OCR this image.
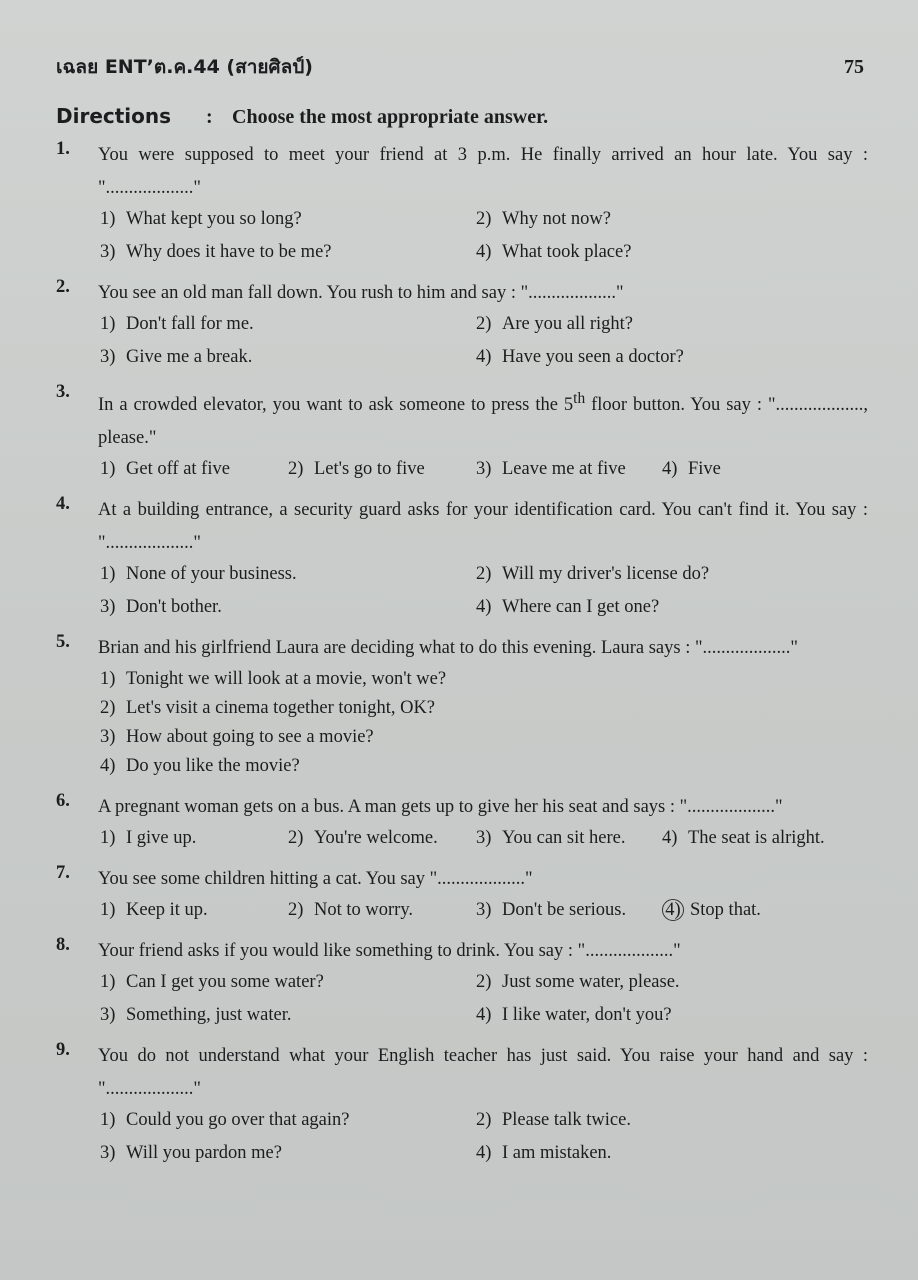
เฉลย ENT’ต.ค.44 (สายศิลป์)	75
Directions	: Choose the most appropriate answer.
1.	You were supposed to meet your friend at 3 p.m. He finally arrived an hour late. You say : "..................."
1) What kept you so long?	2) Why not now?
3) Why does it have to be me?	4) What took place?
2.	You see an old man fall down. You rush to him and say : "..................."
1) Don't fall for me.	2) Are you all right?
3) Give me a break.	4) Have you seen a doctor?
3.
In a crowded elevator, you want to ask someone to press the 5th floor button. You say : "..................., please."
1) Get off at five	2) Let's go to five	3) Leave me at five	4) Five
4.	At a building entrance, a security guard asks for your identification card. You can't find it. You say : "..................."
1) None of your business.	2) Will my driver's license do?
3) Don't bother.	4) Where can I get one?
5.	Brian and his girlfriend Laura are deciding what to do this evening. Laura says : "..................."
1) Tonight we will look at a movie, won't we?
2) Let's visit a cinema together tonight, OK?
3) How about going to see a movie?
4) Do you like the movie?
6.	A pregnant woman gets on a bus. A man gets up to give her his seat and says : "..................."
1) I give up.	2) You're welcome.	3) You can sit here.	4) The seat is alright.
7.	You see some children hitting a cat. You say "..................."
1) Keep it up.	2) Not to worry.	3) Don't be serious.	4) Stop that.
8.	Your friend asks if you would like something to drink. You say : "..................."
1) Can I get you some water?	2) Just some water, please.
3) Something, just water.	4) I like water, don't you?
9.	You do not understand what your English teacher has just said. You raise your hand and say : "..................."
1) Could you go over that again?	2) Please talk twice.
3) Will you pardon me?	4) I am mistaken.
